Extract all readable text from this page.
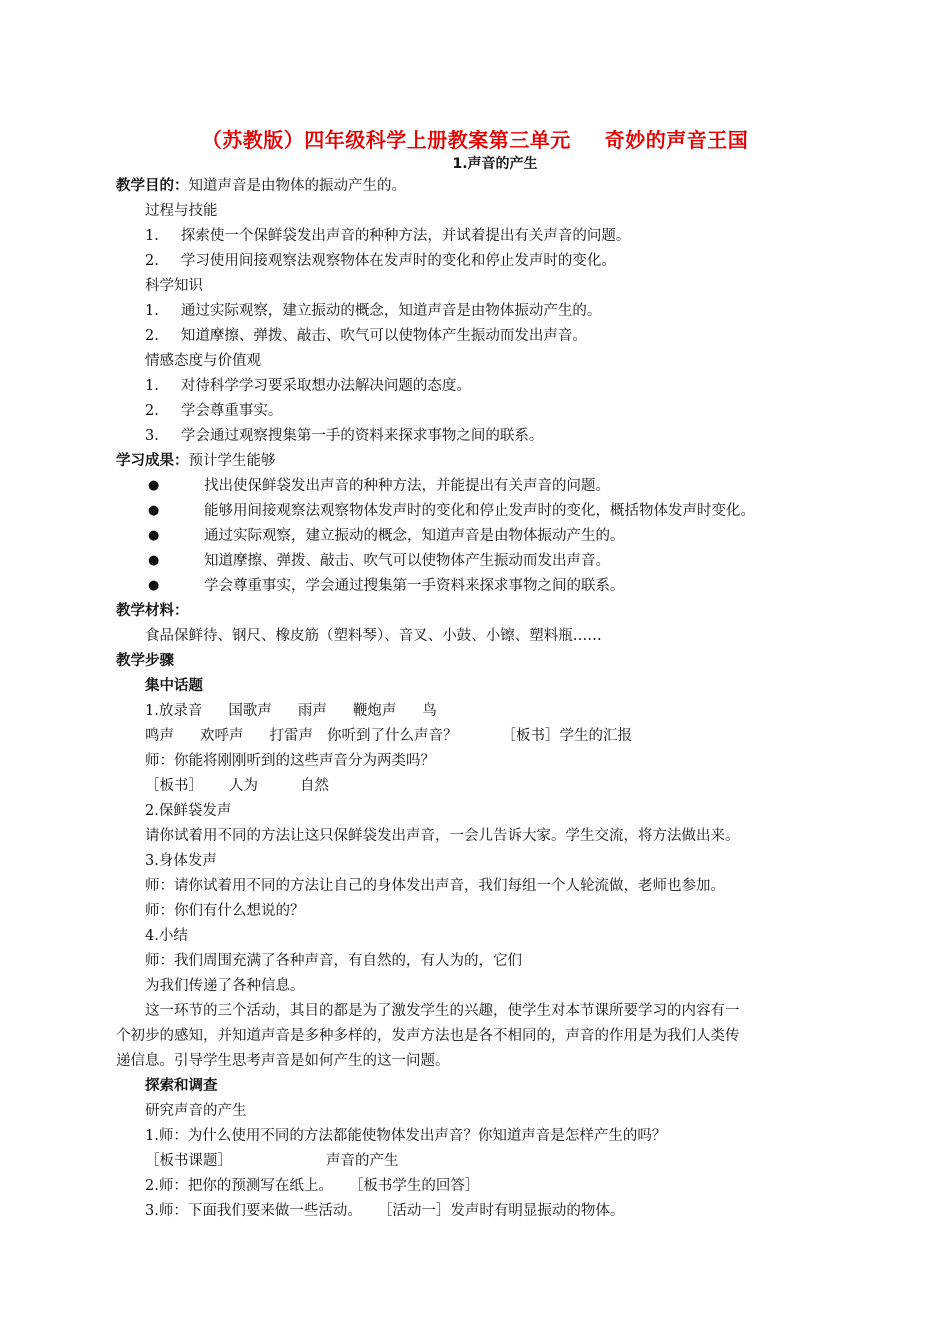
（苏教版）四年级科学上册教案第三单元 奇妙的声音王国
1.声音的产生
教学目的：知道声音是由物体的振动产生的。
过程与技能
1. 探索使一个保鲜袋发出声音的种种方法，并试着提出有关声音的问题。
2. 学习使用间接观察法观察物体在发声时的变化和停止发声时的变化。
科学知识
1. 通过实际观察，建立振动的概念，知道声音是由物体振动产生的。
2. 知道摩擦、弹拨、敲击、吹气可以使物体产生振动而发出声音。
情感态度与价值观
1. 对待科学学习要采取想办法解决问题的态度。
2. 学会尊重事实。
3. 学会通过观察搜集第一手的资料来探求事物之间的联系。
学习成果：预计学生能够
●	找出使保鲜袋发出声音的种种方法，并能提出有关声音的问题。
●	能够用间接观察法观察物体发声时的变化和停止发声时的变化，概括物体发声时变化。
●	通过实际观察，建立振动的概念，知道声音是由物体振动产生的。
●	知道摩擦、弹拨、敲击、吹气可以使物体产生振动而发出声音。
●	学会尊重事实，学会通过搜集第一手资料来探求事物之间的联系。
教学材料：
食品保鲜待、钢尺、橡皮筋（塑料琴）、音叉、小鼓、小镲、塑料瓶……
教学步骤
集中话题
1.放录音 国歌声 雨声 鞭炮声 鸟
鸣声 欢呼声 打雷声 你听到了什么声音？	［板书］学生的汇报
师：你能将刚刚听到的这些声音分为两类吗？
［板书］ 人为	自然
2.保鲜袋发声
请你试着用不同的方法让这只保鲜袋发出声音，一会儿告诉大家。学生交流，将方法做出来。
3.身体发声
师：请你试着用不同的方法让自己的身体发出声音，我们每组一个人轮流做，老师也参加。
师：你们有什么想说的？
4.小结
师：我们周围充满了各种声音，有自然的，有人为的，它们
为我们传递了各种信息。
这一环节的三个活动，其目的都是为了激发学生的兴趣，使学生对本节课所要学习的内容有一
个初步的感知，并知道声音是多种多样的，发声方法也是各不相同的，声音的作用是为我们人类传
递信息。引导学生思考声音是如何产生的这一问题。
探索和调查
研究声音的产生
1.师：为什么使用不同的方法都能使物体发出声音？你知道声音是怎样产生的吗？
［板书课题］	声音的产生
2.师：把你的预测写在纸上。 ［板书学生的回答］
3.师：下面我们要来做一些活动。 ［活动一］发声时有明显振动的物体。
